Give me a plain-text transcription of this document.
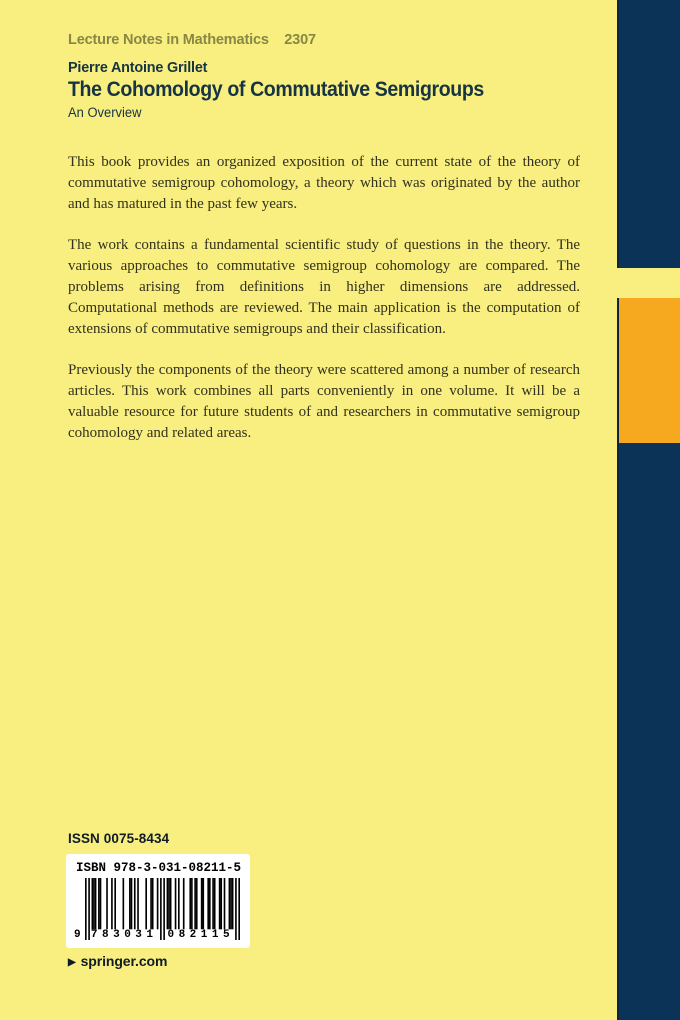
Lecture Notes in Mathematics 2307
Pierre Antoine Grillet
The Cohomology of Commutative Semigroups
An Overview

This book provides an organized exposition of the current state of the theory of commutative semigroup cohomology, a theory which was originated by the author and has matured in the past few years.

The work contains a fundamental scientific study of questions in the theory. The various approaches to commutative semigroup cohomology are compared. The problems arising from definitions in higher dimensions are addressed. Computational methods are reviewed. The main application is the computation of extensions of commutative semigroups and their classification.

Previously the components of the theory were scattered among a number of research articles. This work combines all parts conveniently in one volume. It will be a valuable resource for future students of and researchers in commutative semigroup cohomology and related areas.

ISSN 0075-8434
ISBN 978-3-031-08211-5
9 783031 082115
▶ springer.com
